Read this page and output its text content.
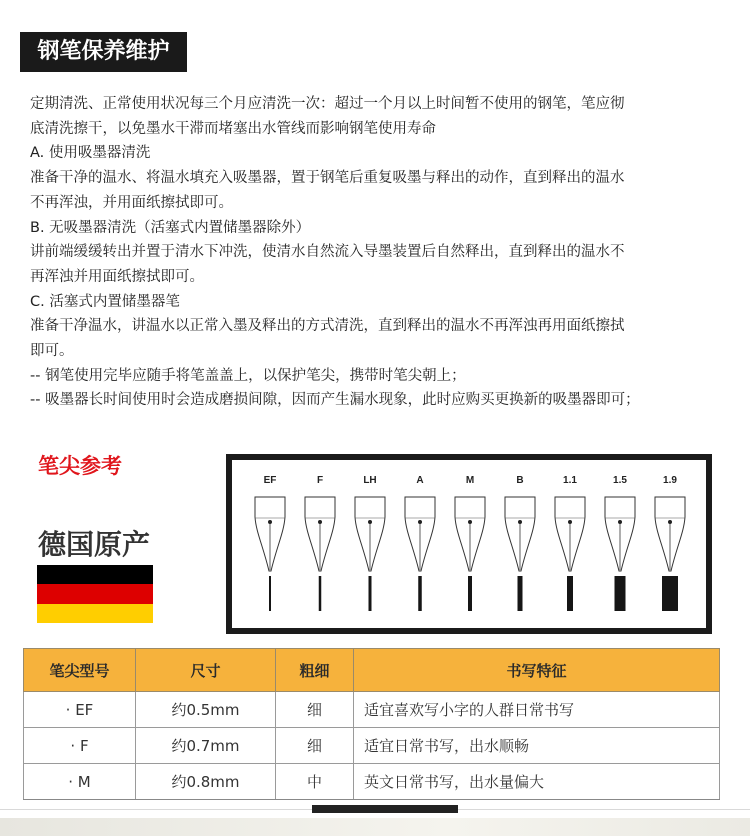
钢笔保养维护

定期清洗、正常使用状况每三个月应清洗一次：超过一个月以上时间暂不使用的钢笔，笔应彻

底清洗擦干，以免墨水干滞而堵塞出水管线而影响钢笔使用寿命

A. 使用吸墨器清洗

准备干净的温水、将温水填充入吸墨器，置于钢笔后重复吸墨与释出的动作，直到释出的温水

不再浑浊，并用面纸擦拭即可。

B. 无吸墨器清洗（活塞式内置储墨器除外）

讲前端缓缓转出并置于清水下冲洗，使清水自然流入导墨装置后自然释出，直到释出的温水不

再浑浊并用面纸擦拭即可。

C. 活塞式内置储墨器笔

准备干净温水，讲温水以正常入墨及释出的方式清洗，直到释出的温水不再浑浊再用面纸擦拭

即可。

-- 钢笔使用完毕应随手将笔盖盖上，以保护笔尖，携带时笔尖朝上；

-- 吸墨器长时间使用时会造成磨损间隙，因而产生漏水现象，此时应购买更换新的吸墨器即可；

笔尖参考
德国原产
EF	F	LH	A	M	B	1.1	1.5	1.9
笔尖型号	尺寸	粗细	书写特征
· EF	约0.5mm	细	适宜喜欢写小字的人群日常书写
· F	约0.7mm	细	适宜日常书写，出水顺畅
· M	约0.8mm	中	英文日常书写，出水量偏大
